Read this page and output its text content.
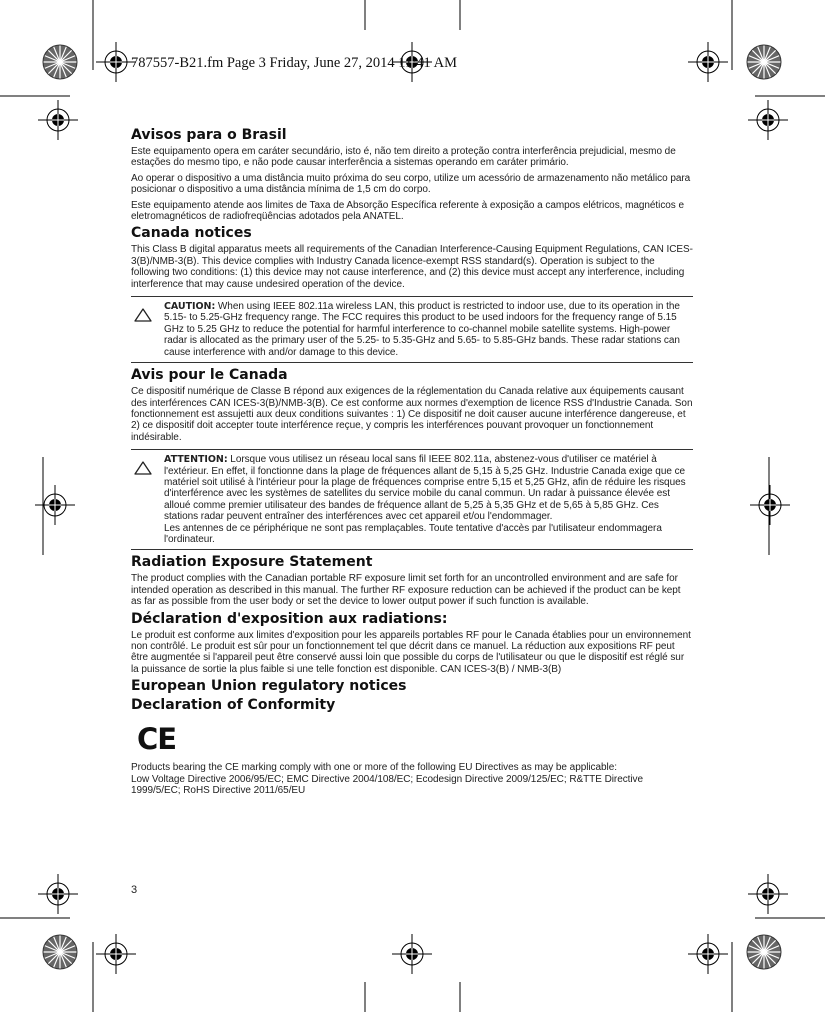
787557-B21.fm Page 3 Friday, June 27, 2014 11:41 AM
Avisos para o Brasil

Este equipamento opera em caráter secundário, isto é, não tem direito a proteção contra interferência prejudicial, mesmo de estações do mesmo tipo, e não pode causar interferência a sistemas operando em caráter primário.

Ao operar o dispositivo a uma distância muito próxima do seu corpo, utilize um acessório de armazenamento não metálico para posicionar o dispositivo a uma distância mínima de 1,5 cm do corpo.

Este equipamento atende aos limites de Taxa de Absorção Específica referente à exposição a campos elétricos, magnéticos e eletromagnéticos de radiofreqüências adotados pela ANATEL.

Canada notices

This Class B digital apparatus meets all requirements of the Canadian Interference-Causing Equipment Regulations, CAN ICES-3(B)/NMB-3(B). This device complies with Industry Canada licence-exempt RSS standard(s). Operation is subject to the following two conditions: (1) this device may not cause interference, and (2) this device must accept any interference, including interference that may cause undesired operation of the device.

CAUTION: When using IEEE 802.11a wireless LAN, this product is restricted to indoor use, due to its operation in the 5.15- to 5.25-GHz frequency range. The FCC requires this product to be used indoors for the frequency range of 5.15 GHz to 5.25 GHz to reduce the potential for harmful interference to co-channel mobile satellite systems. High-power radar is allocated as the primary user of the 5.25- to 5.35-GHz and 5.65- to 5.85-GHz bands. These radar stations can cause interference with and/or damage to this device.

Avis pour le Canada

Ce dispositif numérique de Classe B répond aux exigences de la réglementation du Canada relative aux équipements causant des interférences CAN ICES-3(B)/NMB-3(B). Ce est conforme aux normes d'exemption de licence RSS d'Industrie Canada. Son fonctionnement est assujetti aux deux conditions suivantes : 1) Ce dispositif ne doit causer aucune interférence dangereuse, et 2) ce dispositif doit accepter toute interférence reçue, y compris les interférences pouvant provoquer un fonctionnement indésirable.

ATTENTION: Lorsque vous utilisez un réseau local sans fil IEEE 802.11a, abstenez-vous d'utiliser ce matériel à l'extérieur. En effet, il fonctionne dans la plage de fréquences allant de 5,15 à 5,25 GHz. Industrie Canada exige que ce matériel soit utilisé à l'intérieur pour la plage de fréquences comprise entre 5,15 et 5,25 GHz, afin de réduire les risques d'interférence avec les systèmes de satellites du service mobile du canal commun. Un radar à puissance élevée est alloué comme premier utilisateur des bandes de fréquence allant de 5,25 à 5,35 GHz et de 5,65 à 5,85 GHz. Ces stations radar peuvent entraîner des interférences avec cet appareil et/ou l'endommager.

Les antennes de ce périphérique ne sont pas remplaçables. Toute tentative d'accès par l'utilisateur endommagera l'ordinateur.

Radiation Exposure Statement

The product complies with the Canadian portable RF exposure limit set forth for an uncontrolled environment and are safe for intended operation as described in this manual. The further RF exposure reduction can be achieved if the product can be kept as far as possible from the user body or set the device to lower output power if such function is available.

Déclaration d'exposition aux radiations:

Le produit est conforme aux limites d'exposition pour les appareils portables RF pour le Canada établies pour un environnement non contrôlé. Le produit est sûr pour un fonctionnement tel que décrit dans ce manuel. La réduction aux expositions RF peut être augmentée si l'appareil peut être conservé aussi loin que possible du corps de l'utilisateur ou que le dispositif est réglé sur la puissance de sortie la plus faible si une telle fonction est disponible. CAN ICES-3(B) / NMB-3(B)

European Union regulatory notices
Declaration of Conformity
CE

Products bearing the CE marking comply with one or more of the following EU Directives as may be applicable:

Low Voltage Directive 2006/95/EC; EMC Directive 2004/108/EC; Ecodesign Directive 2009/125/EC; R&TTE Directive 1999/5/EC; RoHS Directive 2011/65/EU

3
